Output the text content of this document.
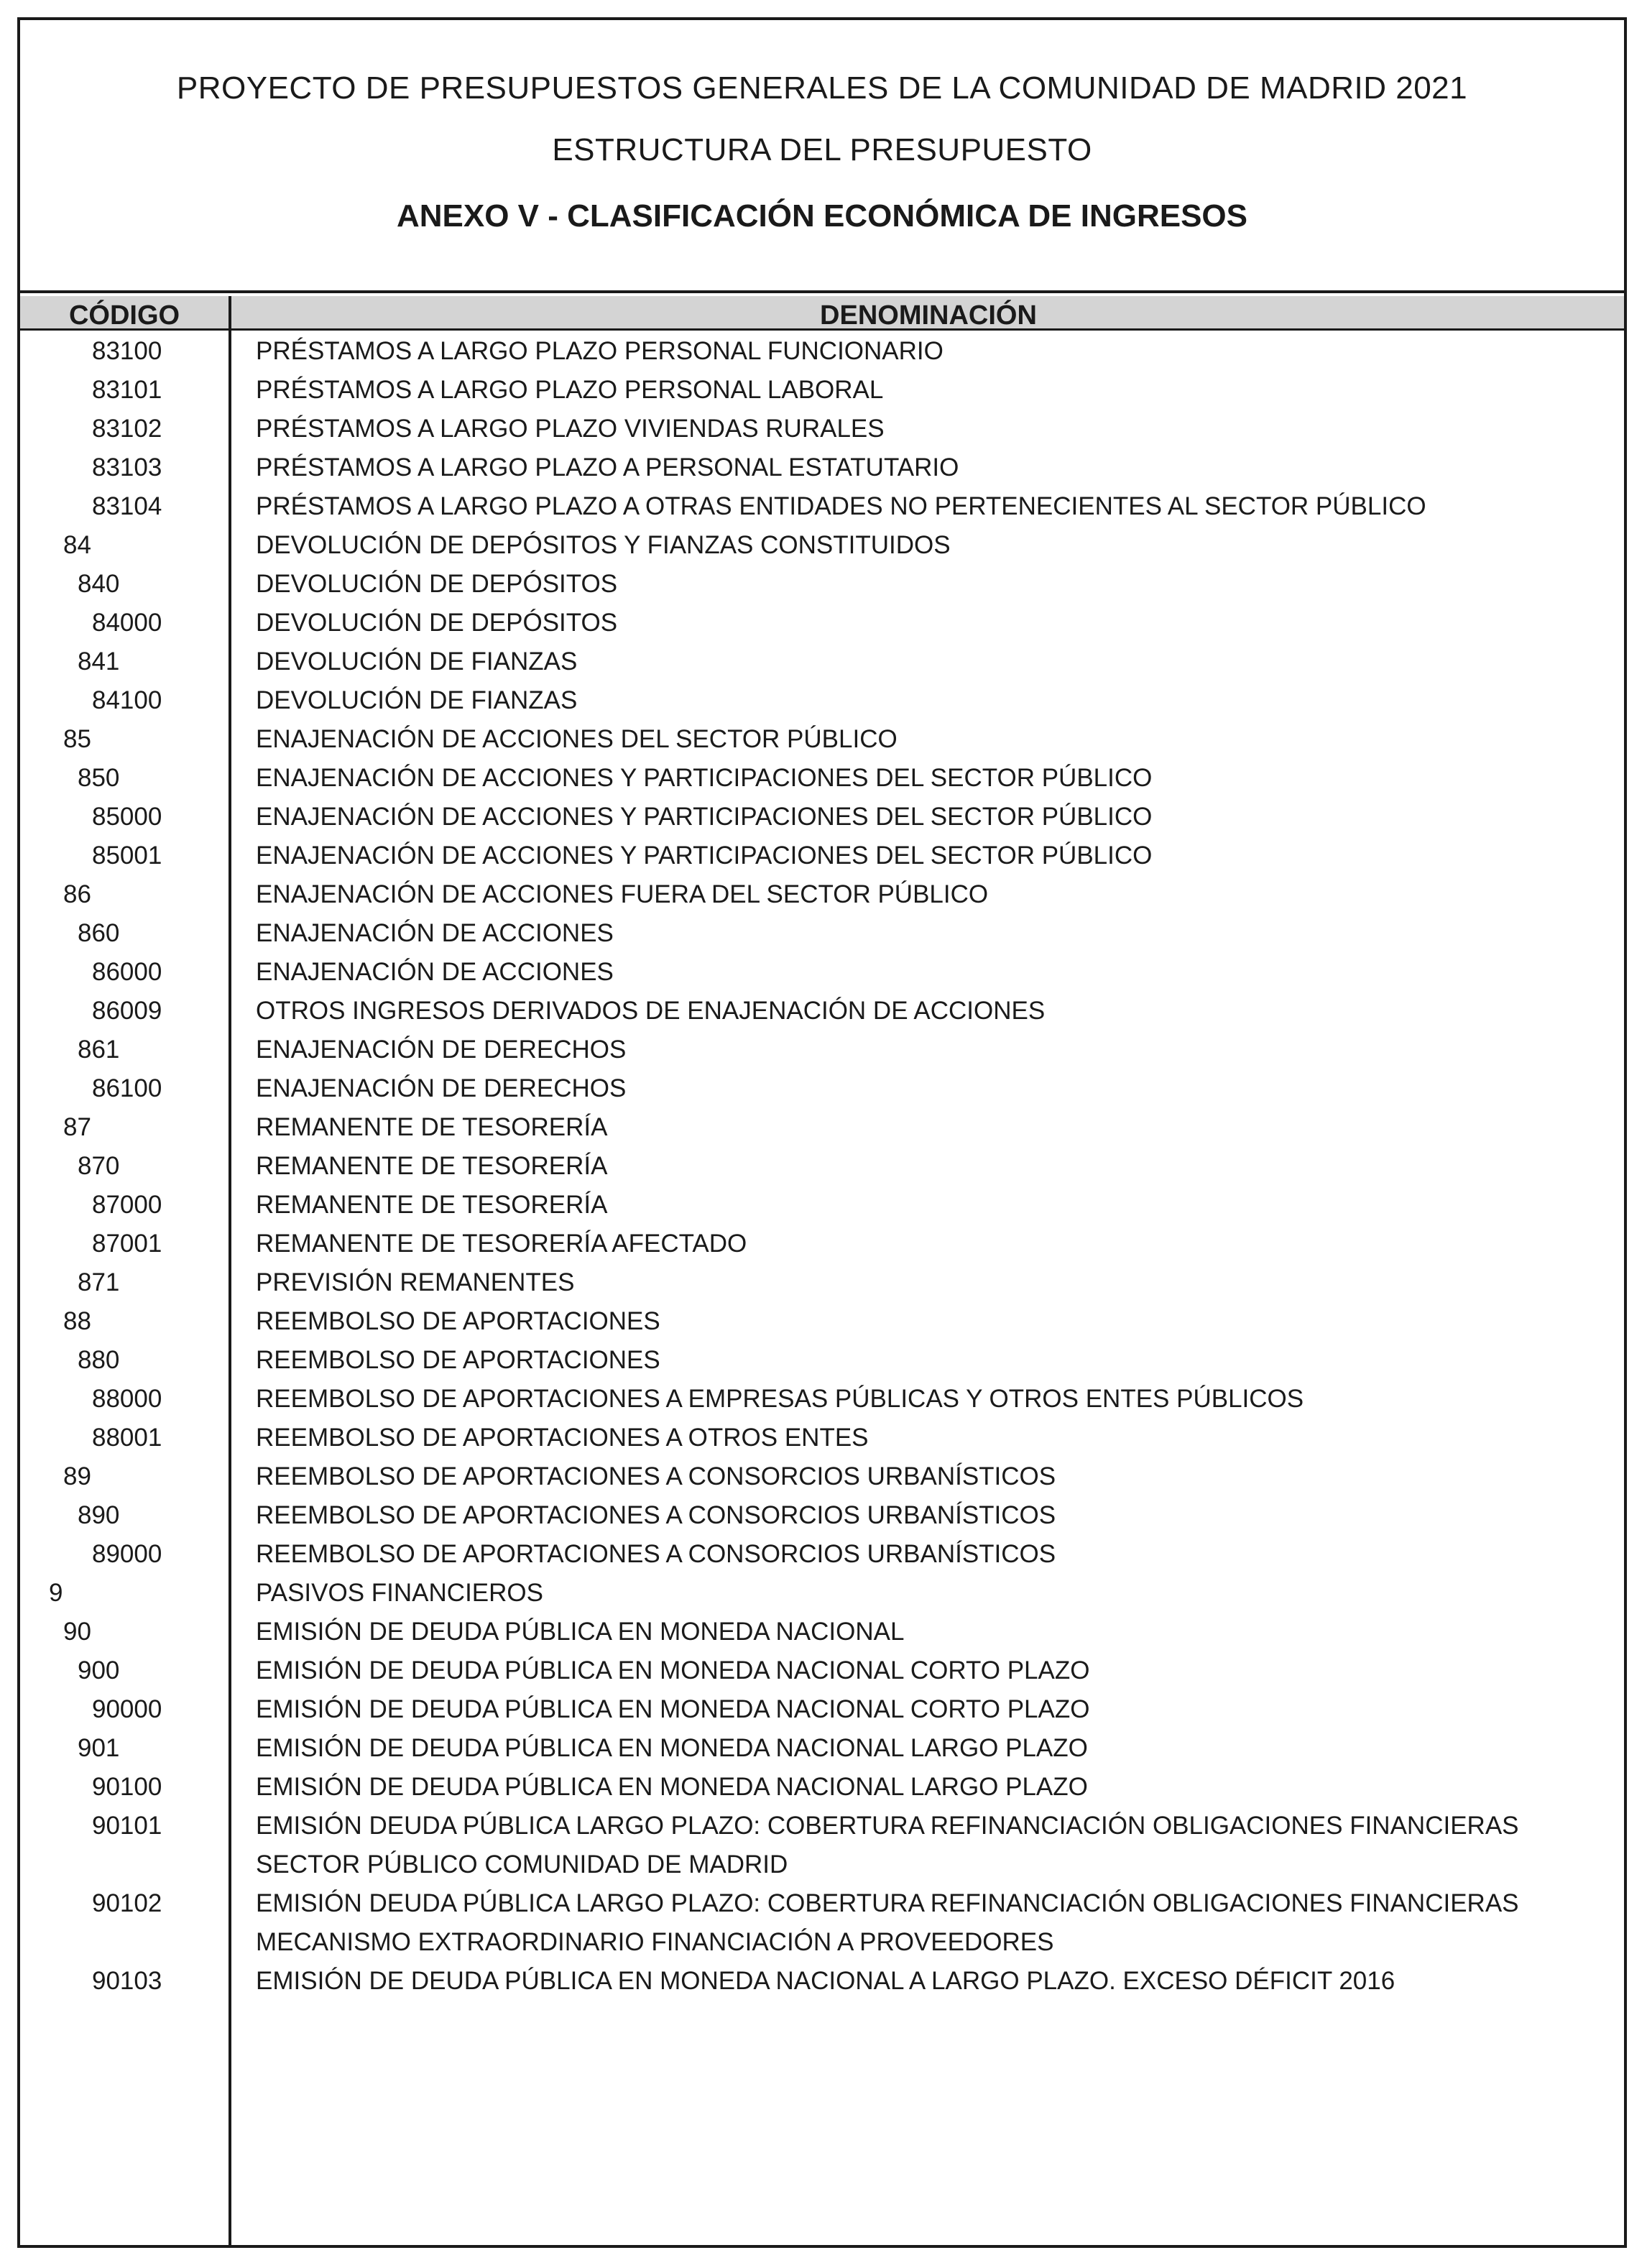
PROYECTO DE PRESUPUESTOS GENERALES DE LA COMUNIDAD DE MADRID 2021
ESTRUCTURA DEL PRESUPUESTO
ANEXO V - CLASIFICACIÓN ECONÓMICA DE INGRESOS
CÓDIGO	DENOMINACIÓN
83100	PRÉSTAMOS A LARGO PLAZO PERSONAL FUNCIONARIO
83101	PRÉSTAMOS A LARGO PLAZO PERSONAL LABORAL
83102	PRÉSTAMOS A LARGO PLAZO VIVIENDAS RURALES
83103	PRÉSTAMOS A LARGO PLAZO A PERSONAL ESTATUTARIO
83104	PRÉSTAMOS A LARGO PLAZO A OTRAS ENTIDADES NO PERTENECIENTES AL SECTOR PÚBLICO
84	DEVOLUCIÓN DE DEPÓSITOS Y FIANZAS CONSTITUIDOS
840	DEVOLUCIÓN DE DEPÓSITOS
84000	DEVOLUCIÓN DE DEPÓSITOS
841	DEVOLUCIÓN DE FIANZAS
84100	DEVOLUCIÓN DE FIANZAS
85	ENAJENACIÓN DE ACCIONES DEL SECTOR PÚBLICO
850	ENAJENACIÓN DE ACCIONES Y PARTICIPACIONES DEL SECTOR PÚBLICO
85000	ENAJENACIÓN DE ACCIONES Y PARTICIPACIONES DEL SECTOR PÚBLICO
85001	ENAJENACIÓN DE ACCIONES Y PARTICIPACIONES DEL SECTOR PÚBLICO
86	ENAJENACIÓN DE ACCIONES FUERA DEL SECTOR PÚBLICO
860	ENAJENACIÓN DE ACCIONES
86000	ENAJENACIÓN DE ACCIONES
86009	OTROS INGRESOS DERIVADOS DE ENAJENACIÓN DE ACCIONES
861	ENAJENACIÓN DE DERECHOS
86100	ENAJENACIÓN DE DERECHOS
87	REMANENTE DE TESORERÍA
870	REMANENTE DE TESORERÍA
87000	REMANENTE DE TESORERÍA
87001	REMANENTE DE TESORERÍA AFECTADO
871	PREVISIÓN REMANENTES
88	REEMBOLSO DE APORTACIONES
880	REEMBOLSO DE APORTACIONES
88000	REEMBOLSO DE APORTACIONES A EMPRESAS PÚBLICAS Y OTROS ENTES PÚBLICOS
88001	REEMBOLSO DE APORTACIONES A OTROS ENTES
89	REEMBOLSO DE APORTACIONES A CONSORCIOS URBANÍSTICOS
890	REEMBOLSO DE APORTACIONES A CONSORCIOS URBANÍSTICOS
89000	REEMBOLSO DE APORTACIONES A CONSORCIOS URBANÍSTICOS
9	PASIVOS FINANCIEROS
90	EMISIÓN DE DEUDA PÚBLICA EN MONEDA NACIONAL
900	EMISIÓN DE DEUDA PÚBLICA EN MONEDA NACIONAL CORTO PLAZO
90000	EMISIÓN DE DEUDA PÚBLICA EN MONEDA NACIONAL CORTO PLAZO
901	EMISIÓN DE DEUDA PÚBLICA EN MONEDA NACIONAL LARGO PLAZO
90100	EMISIÓN DE DEUDA PÚBLICA EN MONEDA NACIONAL LARGO PLAZO
90101	EMISIÓN DEUDA PÚBLICA LARGO PLAZO: COBERTURA REFINANCIACIÓN OBLIGACIONES FINANCIERAS
SECTOR PÚBLICO COMUNIDAD DE MADRID
90102	EMISIÓN DEUDA PÚBLICA LARGO PLAZO: COBERTURA REFINANCIACIÓN OBLIGACIONES FINANCIERAS
MECANISMO EXTRAORDINARIO FINANCIACIÓN A PROVEEDORES
90103	EMISIÓN DE DEUDA PÚBLICA EN MONEDA NACIONAL A LARGO PLAZO. EXCESO DÉFICIT 2016
